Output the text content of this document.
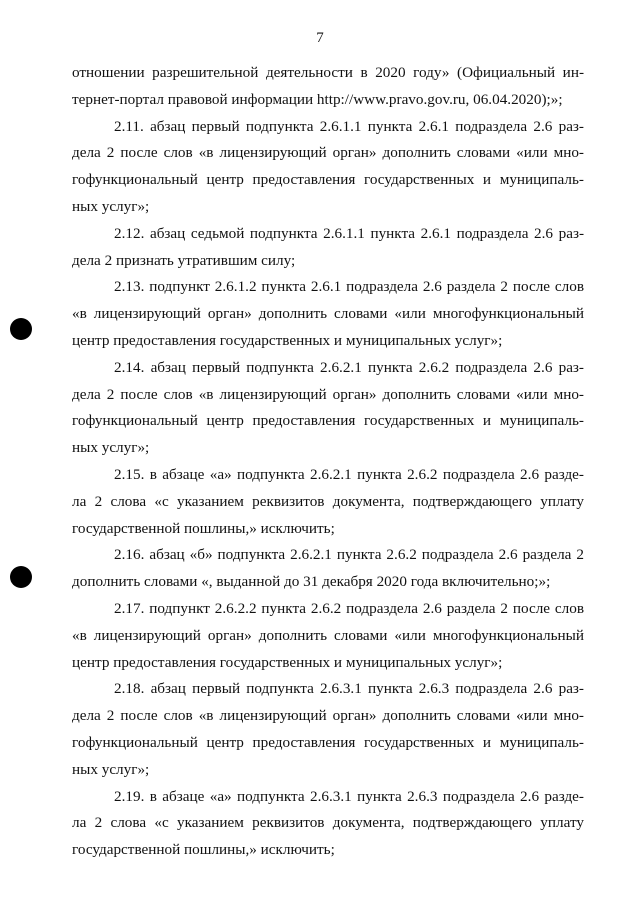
7
отношении разрешительной деятельности в 2020 году» (Официальный ин-
тернет-портал правовой информации http://www.pravo.gov.ru, 06.04.2020);»;
2.11. абзац первый подпункта 2.6.1.1 пункта 2.6.1 подраздела 2.6 раз-
дела 2 после слов «в лицензирующий орган» дополнить словами «или мно-
гофункциональный центр предоставления государственных и муниципаль-
ных услуг»;
2.12. абзац седьмой подпункта 2.6.1.1 пункта 2.6.1 подраздела 2.6 раз-
дела 2 признать утратившим силу;
2.13. подпункт 2.6.1.2 пункта 2.6.1 подраздела 2.6 раздела 2 после слов
«в лицензирующий орган» дополнить словами «или многофункциональный
центр предоставления государственных и муниципальных услуг»;
2.14. абзац первый подпункта 2.6.2.1 пункта 2.6.2 подраздела 2.6 раз-
дела 2 после слов «в лицензирующий орган» дополнить словами «или мно-
гофункциональный центр предоставления государственных и муниципаль-
ных услуг»;
2.15. в абзаце «а» подпункта 2.6.2.1 пункта 2.6.2 подраздела 2.6 разде-
ла 2 слова «с указанием реквизитов документа, подтверждающего уплату
государственной пошлины,» исключить;
2.16. абзац «б» подпункта 2.6.2.1 пункта 2.6.2 подраздела 2.6 раздела 2
дополнить словами «, выданной до 31 декабря 2020 года включительно;»;
2.17. подпункт 2.6.2.2 пункта 2.6.2 подраздела 2.6 раздела 2 после слов
«в лицензирующий орган» дополнить словами «или многофункциональный
центр предоставления государственных и муниципальных услуг»;
2.18. абзац первый подпункта 2.6.3.1 пункта 2.6.3 подраздела 2.6 раз-
дела 2 после слов «в лицензирующий орган» дополнить словами «или мно-
гофункциональный центр предоставления государственных и муниципаль-
ных услуг»;
2.19. в абзаце «а» подпункта 2.6.3.1 пункта 2.6.3 подраздела 2.6 разде-
ла 2 слова «с указанием реквизитов документа, подтверждающего уплату
государственной пошлины,» исключить;
